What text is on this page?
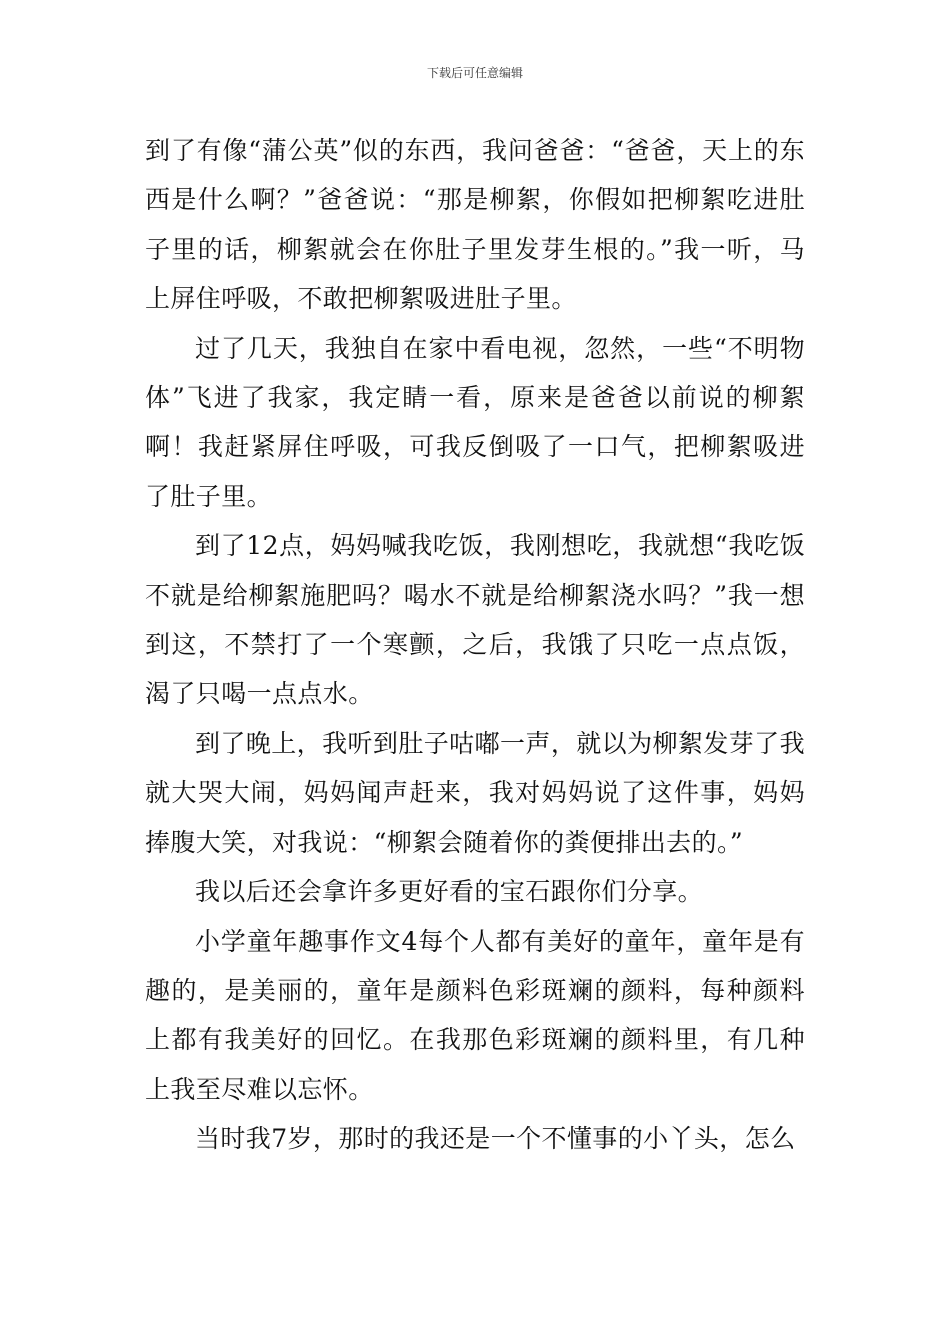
下载后可任意编辑

到了有像“蒲公英”似的东西，我问爸爸：“爸爸，天上的东西是什么啊？”爸爸说：“那是柳絮，你假如把柳絮吃进肚子里的话，柳絮就会在你肚子里发芽生根的。”我一听，马上屏住呼吸，不敢把柳絮吸进肚子里。

过了几天，我独自在家中看电视，忽然，一些“不明物体”飞进了我家，我定睛一看，原来是爸爸以前说的柳絮啊！我赶紧屏住呼吸，可我反倒吸了一口气，把柳絮吸进了肚子里。

到了12点，妈妈喊我吃饭，我刚想吃，我就想“我吃饭不就是给柳絮施肥吗？喝水不就是给柳絮浇水吗？”我一想到这，不禁打了一个寒颤，之后，我饿了只吃一点点饭，渴了只喝一点点水。

到了晚上，我听到肚子咕嘟一声，就以为柳絮发芽了我就大哭大闹，妈妈闻声赶来，我对妈妈说了这件事，妈妈捧腹大笑，对我说：“柳絮会随着你的粪便排出去的。”

我以后还会拿许多更好看的宝石跟你们分享。

小学童年趣事作文4每个人都有美好的童年，童年是有趣的，是美丽的，童年是颜料色彩斑斓的颜料，每种颜料上都有我美好的回忆。在我那色彩斑斓的颜料里，有几种上我至尽难以忘怀。

当时我7岁，那时的我还是一个不懂事的小丫头，怎么
